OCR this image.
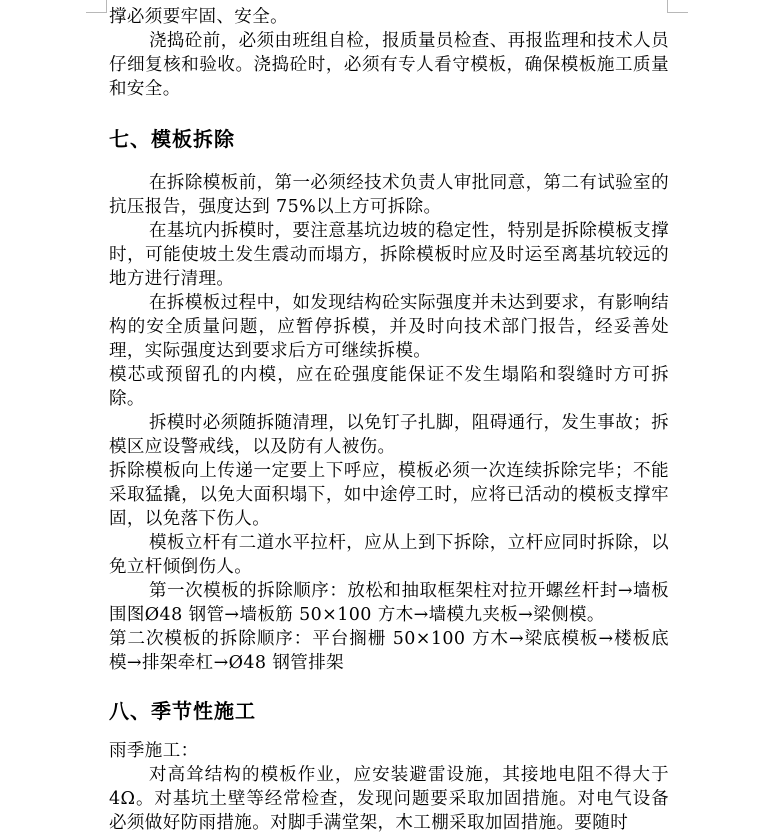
撑必须要牢固、安全。

浇捣砼前，必须由班组自检，报质量员检查、再报监理和技术人员仔细复核和验收。浇捣砼时，必须有专人看守模板，确保模板施工质量和安全。

七、模板拆除

在拆除模板前，第一必须经技术负责人审批同意，第二有试验室的抗压报告，强度达到 75%以上方可拆除。

在基坑内拆模时，要注意基坑边坡的稳定性，特别是拆除模板支撑时，可能使坡土发生震动而塌方，拆除模板时应及时运至离基坑较远的地方进行清理。

在拆模板过程中，如发现结构砼实际强度并未达到要求，有影响结构的安全质量问题，应暂停拆模，并及时向技术部门报告，经妥善处理，实际强度达到要求后方可继续拆模。

模芯或预留孔的内模，应在砼强度能保证不发生塌陷和裂缝时方可拆除。

拆模时必须随拆随清理，以免钉子扎脚，阻碍通行，发生事故；拆模区应设警戒线，以及防有人被伤。

拆除模板向上传递一定要上下呼应，模板必须一次连续拆除完毕；不能采取猛撬，以免大面积塌下，如中途停工时，应将已活动的模板支撑牢固，以免落下伤人。

模板立杆有二道水平拉杆，应从上到下拆除，立杆应同时拆除，以免立杆倾倒伤人。

第一次模板的拆除顺序：放松和抽取框架柱对拉开螺丝杆封→墙板围图Ø48 钢管→墙板筋 50×100 方木→墙模九夹板→梁侧模。

第二次模板的拆除顺序：平台搁栅 50×100 方木→梁底模板→楼板底模→排架牵杠→Ø48 钢管排架

八、季节性施工

雨季施工：

对高耸结构的模板作业，应安装避雷设施，其接地电阻不得大于 4Ω。对基坑土壁等经常检查，发现问题要采取加固措施。对电气设备必须做好防雨措施。对脚手满堂架，木工棚采取加固措施。要随时
